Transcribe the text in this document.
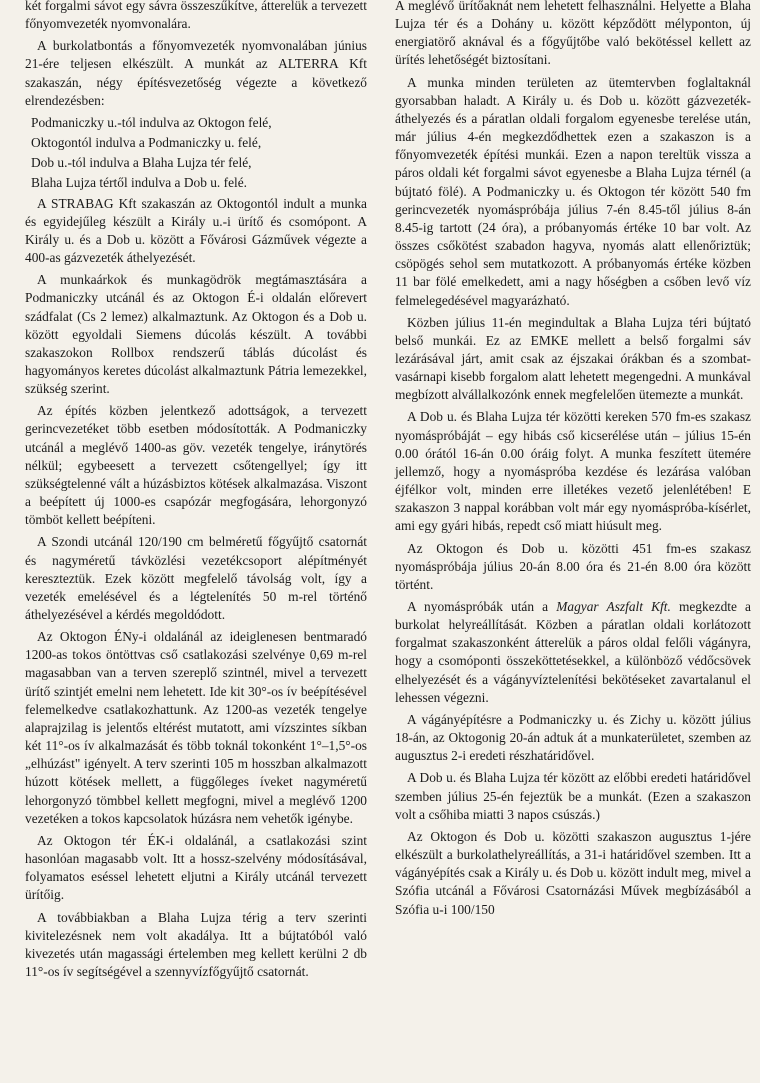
két forgalmi sávot egy sávra összeszűkítve, átterelük a tervezett főnyomvezeték nyomvonalára.

A burkolatbontás a főnyomvezeték nyomvonalában június 21-ére teljesen elkészült. A munkát az ALTERRA Kft szakaszán, négy építésvezetőség végezte a következő elrendezésben:

Podmaniczky u.-tól indulva az Oktogon felé,

Oktogontól indulva a Podmaniczky u. felé,

Dob u.-tól indulva a Blaha Lujza tér felé,

Blaha Lujza tértől indulva a Dob u. felé.

A STRABAG Kft szakaszán az Oktogontól indult a munka és egyidejűleg készült a Király u.-i ürítő és csomópont. A Király u. és a Dob u. között a Fővárosi Gázművek végezte a 400-as gázvezeték áthelyezését.

A munkaárkok és munkagödrök megtámasztására a Podmaniczky utcánál és az Oktogon É-i oldalán előrevert szádfalat (Cs 2 lemez) alkalmaztunk. Az Oktogon és a Dob u. között egyoldali Siemens dúcolás készült. A további szakaszokon Rollbox rendszerű táblás dúcolást és hagyományos keretes dúcolást alkalmaztunk Pátria lemezekkel, szükség szerint.

Az építés közben jelentkező adottságok, a tervezett gerincvezetéket több esetben módosították. A Podmaniczky utcánál a meglévő 1400-as göv. vezeték tengelye, iránytörés nélkül; egybeesett a tervezett csőtengellyel; így itt szükségtelenné vált a húzásbiztos kötések alkalmazása. Viszont a beépített új 1000-es csapózár megfogására, lehorgonyzó tömböt kellett beépíteni.

A Szondi utcánál 120/190 cm belméretű főgyűjtő csatornát és nagyméretű távközlési vezetékcsoport alépítményét kereszteztük. Ezek között megfelelő távolság volt, így a vezeték emelésével és a légtelenítés 50 m-rel történő áthelyezésével a kérdés megoldódott.

Az Oktogon ÉNy-i oldalánál az ideiglenesen bentmaradó 1200-as tokos öntöttvas cső csatlakozási szelvénye 0,69 m-rel magasabban van a terven szereplő szintnél, mivel a tervezett ürítő szintjét emelni nem lehetett. Ide kit 30°-os ív beépítésével felemelkedve csatlakozhattunk. Az 1200-as vezeték tengelye alaprajzilag is jelentős eltérést mutatott, ami vízszintes síkban két 11°-os ív alkalmazását és több toknál tokonként 1°–1,5°-os „elhúzást" igényelt. A terv szerinti 105 m hosszban alkalmazott húzott kötések mellett, a függőleges íveket nagyméretű lehorgonyzó tömbbel kellett megfogni, mivel a meglévő 1200 vezetéken a tokos kapcsolatok húzásra nem vehetők igénybe.

Az Oktogon tér ÉK-i oldalánál, a csatlakozási szint hasonlóan magasabb volt. Itt a hossz-szelvény módosításával, folyamatos eséssel lehetett eljutni a Király utcánál tervezett ürítőig.

A továbbiakban a Blaha Lujza térig a terv szerinti kivitelezésnek nem volt akadálya. Itt a bújtatóból való kivezetés után magassági értelemben meg kellett kerülni 2 db 11°-os ív segítségével a szennyvízfőgyűjtő csatornát.

A meglévő ürítőaknát nem lehetett felhasználni. Helyette a Blaha Lujza tér és a Dohány u. között képződött mélyponton, új energiatörő aknával és a főgyűjtőbe való bekötéssel kellett az ürítés lehetőségét biztosítani.

A munka minden területen az ütemtervben foglaltaknál gyorsabban haladt. A Király u. és Dob u. között gázvezeték-áthelyezés és a páratlan oldali forgalom egyenesbe terelése után, már július 4-én megkezdődhettek ezen a szakaszon is a főnyomvezeték építési munkái. Ezen a napon tereltük vissza a páros oldali két forgalmi sávot egyenesbe a Blaha Lujza térnél (a bújtató fölé). A Podmaniczky u. és Oktogon tér között 540 fm gerincvezeték nyomáspróbája július 7-én 8.45-től július 8-án 8.45-ig tartott (24 óra), a próbanyomás értéke 10 bar volt. Az összes csőkötést szabadon hagyva, nyomás alatt ellenőriztük; csöpögés sehol sem mutatkozott. A próbanyomás értéke közben 11 bar fölé emelkedett, ami a nagy hőségben a csőben levő víz felmelegedésével magyarázható.

Közben július 11-én megindultak a Blaha Lujza téri bújtató belső munkái. Ez az EMKE mellett a belső forgalmi sáv lezárásával járt, amit csak az éjszakai órákban és a szombat-vasárnapi kisebb forgalom alatt lehetett megengedni. A munkával megbízott alvállalkozónk ennek megfelelően ütemezte a munkát.

A Dob u. és Blaha Lujza tér közötti kereken 570 fm-es szakasz nyomáspróbáját – egy hibás cső kicserélése után – július 15-én 0.00 órától 16-án 0.00 óráig folyt. A munka feszített ütemére jellemző, hogy a nyomáspróba kezdése és lezárása valóban éjfélkor volt, minden erre illetékes vezető jelenlétében! E szakaszon 3 nappal korábban volt már egy nyomáspróba-kísérlet, ami egy gyári hibás, repedt cső miatt hiúsult meg.

Az Oktogon és Dob u. közötti 451 fm-es szakasz nyomáspróbája július 20-án 8.00 óra és 21-én 8.00 óra között történt.

A nyomáspróbák után a Magyar Aszfalt Kft. megkezdte a burkolat helyreállítását. Közben a páratlan oldali korlátozott forgalmat szakaszonként átterelük a páros oldal felőli vágányra, hogy a csomóponti összeköttetésekkel, a különböző védőcsövek elhelyezését és a vágányvíztelenítési bekötéseket zavartalanul el lehessen végezni.

A vágányépítésre a Podmaniczky u. és Zichy u. között július 18-án, az Oktogonig 20-án adtuk át a munkaterületet, szemben az augusztus 2-i eredeti részhatáridővel.

A Dob u. és Blaha Lujza tér között az előbbi eredeti határidővel szemben július 25-én fejeztük be a munkát. (Ezen a szakaszon volt a csőhiba miatti 3 napos csúszás.)

Az Oktogon és Dob u. közötti szakaszon augusztus 1-jére elkészült a burkolathelyreállítás, a 31-i határidővel szemben. Itt a vágányépítés csak a Király u. és Dob u. között indult meg, mivel a Szófia utcánál a Fővárosi Csatornázási Művek megbízásából a Szófia u-i 100/150
